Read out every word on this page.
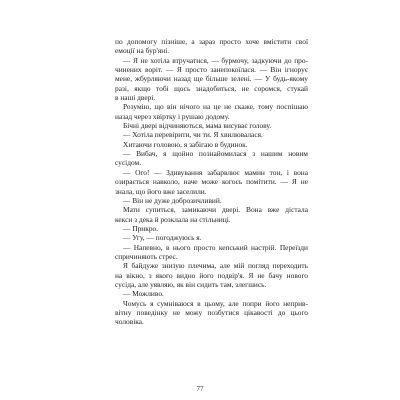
по допомогу пізніше, а зараз просто хоче вмістити свої
емоції на бур'яні.
— Я не хотіла втручатися, — бурмочу, задкуючи до про-
чинених воріт. — Я просто занепокоїлася. — Він ігнорує
мене, жбурляючи назад ще більше зелені. — У будь-якому
разі, якщо тобі щось знадобиться, не соромся, стукай
в наші двері.
Розумію, що він нічого на це не скаже, тому поспішаю
назад через хвіртку і рушаю додому.
Бічні двері відчиняються, мама висуває голову.
— Хотіла перевірити, чи ти. Я хвилювалася.
Хитаючи головою, я забігаю в будинок.
— Вибач, я щойно познайомилася з нашим новим
сусідом.
— Ого! — Здивування забарвлює мамин тон, і вона
озирається навколо, наче може когось помітити. — Я не
знала, що його вже заселили.
— Він не дуже доброзичливий.
Мати супиться, замикаючи двері. Вона вже дістала
кекси з дека й розклала на стільниці.
— Прикро.
— Угу, — погоджуюсь я.
— Напевно, в нього просто кепський настрій. Переїзди
спричиняють стрес.
Я байдуже знизую плечима, але мій погляд переходить
на вікно, з якого видно його подвір'я. Я не бачу нового
сусіда, але уявляю, як він сидить там, злегшись.
— Можливо.
Чомусь я сумніваюся в цьому, але попри його неприв-
вітну поведінку не можу позбутися цікавості до цього
чоловіка.
77
